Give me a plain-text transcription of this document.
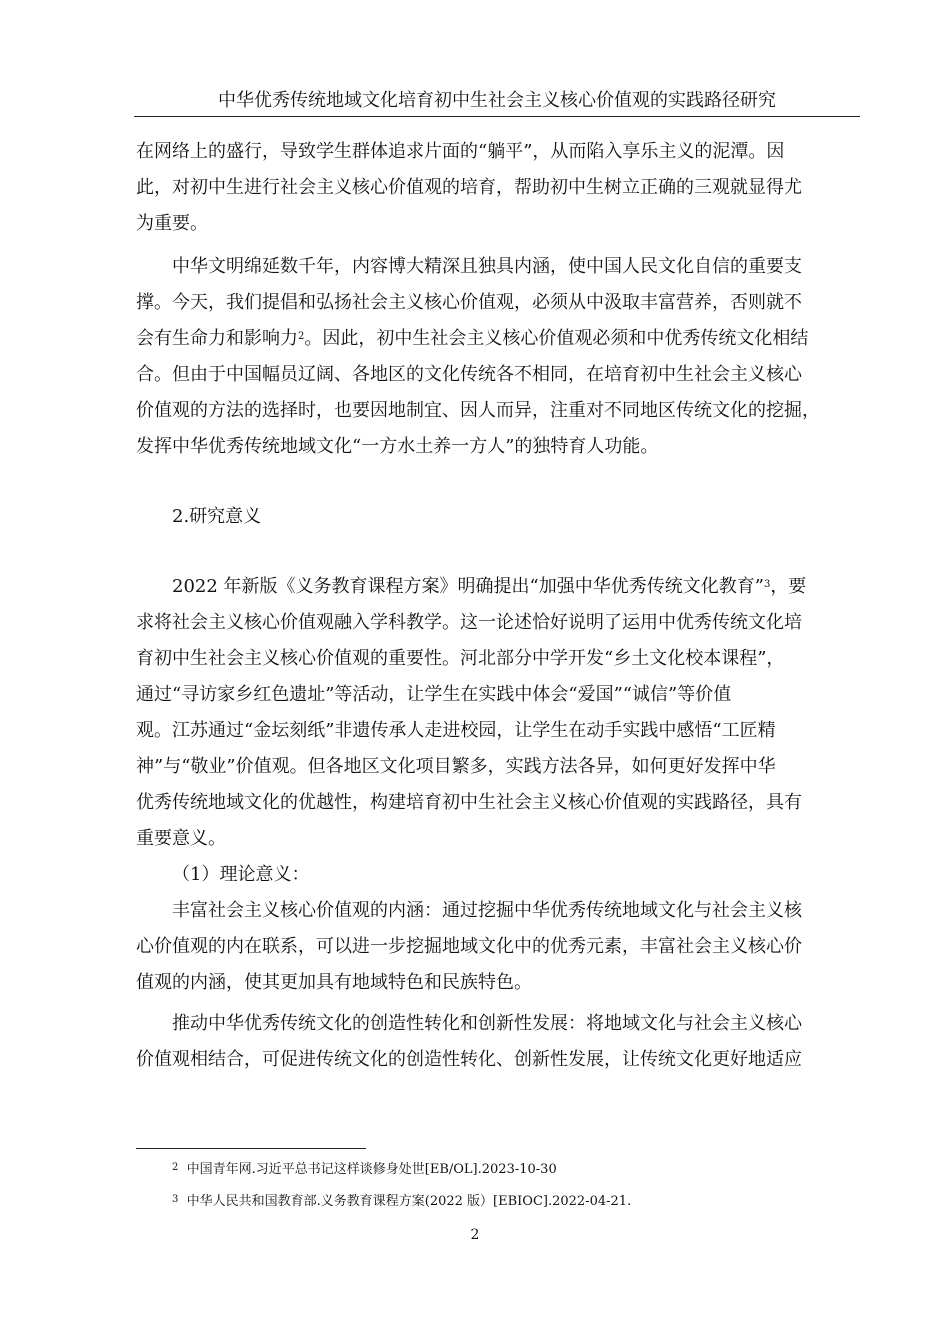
中华优秀传统地域文化培育初中生社会主义核心价值观的实践路径研究
在网络上的盛行，导致学生群体追求片面的“躺平”，从而陷入享乐主义的泥潭。因
此，对初中生进行社会主义核心价值观的培育，帮助初中生树立正确的三观就显得尤
为重要。
中华文明绵延数千年，内容博大精深且独具内涵，使中国人民文化自信的重要支
撑。今天，我们提倡和弘扬社会主义核心价值观，必须从中汲取丰富营养，否则就不
会有生命力和影响力$^2$。因此，初中生社会主义核心价值观必须和中优秀传统文化相结
合。但由于中国幅员辽阔、各地区的文化传统各不相同，在培育初中生社会主义核心
价值观的方法的选择时，也要因地制宜、因人而异，注重对不同地区传统文化的挖掘，
发挥中华优秀传统地域文化“一方水土养一方人”的独特育人功能。
2.研究意义
2022 年新版《义务教育课程方案》明确提出“加强中华优秀传统文化教育”$^3$，要
求将社会主义核心价值观融入学科教学。这一论述恰好说明了运用中优秀传统文化培
育初中生社会主义核心价值观的重要性。河北部分中学开发“乡土文化校本课程”，
通过“寻访家乡红色遗址”等活动，让学生在实践中体会“爱国”“诚信”等价值
观。江苏通过“金坛刻纸”非遗传承人走进校园，让学生在动手实践中感悟“工匠精
神”与“敬业”价值观。但各地区文化项目繁多，实践方法各异，如何更好发挥中华
优秀传统地域文化的优越性，构建培育初中生社会主义核心价值观的实践路径，具有
重要意义。
（1）理论意义：
丰富社会主义核心价值观的内涵：通过挖掘中华优秀传统地域文化与社会主义核
心价值观的内在联系，可以进一步挖掘地域文化中的优秀元素，丰富社会主义核心价
值观的内涵，使其更加具有地域特色和民族特色。
推动中华优秀传统文化的创造性转化和创新性发展：将地域文化与社会主义核心
价值观相结合，可促进传统文化的创造性转化、创新性发展，让传统文化更好地适应
$^2$ 中国青年网.习近平总书记这样谈修身处世[EB/OL].2023-10-30
$^3$ 中华人民共和国教育部.义务教育课程方案(2022 版）[EBIOC].2022-04-21.
2
